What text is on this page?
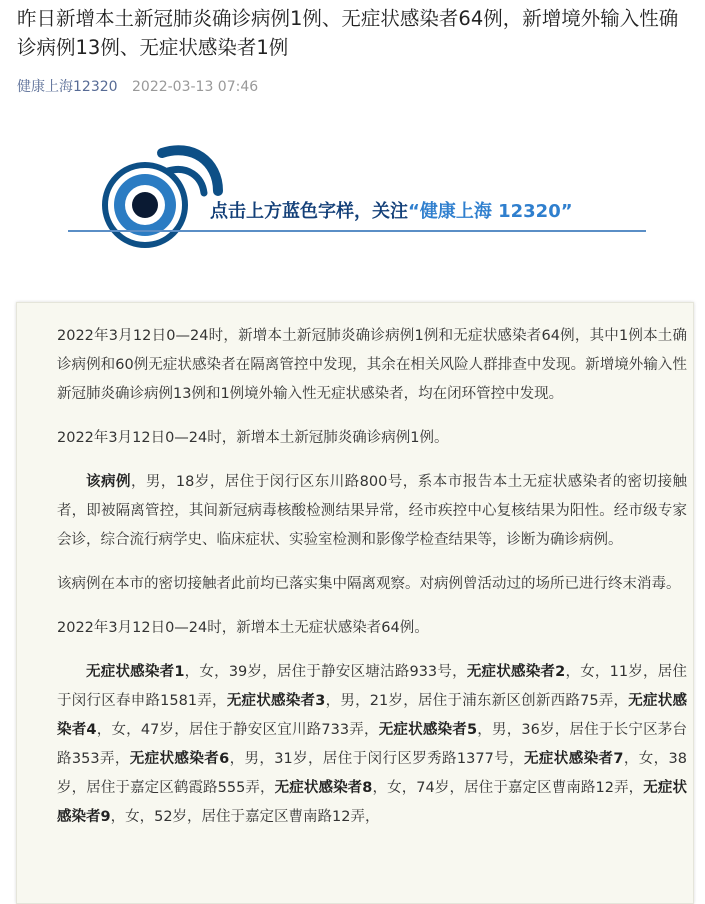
昨日新增本土新冠肺炎确诊病例1例、无症状感染者64例，新增境外输入性确诊病例13例、无症状感染者1例
健康上海12320 2022-03-13 07:46
点击上方蓝色字样，关注“健康上海 12320”

2022年3月12日0—24时，新增本土新冠肺炎确诊病例1例和无症状感染者64例，其中1例本土确诊病例和60例无症状感染者在隔离管控中发现，其余在相关风险人群排查中发现。新增境外输入性新冠肺炎确诊病例13例和1例境外输入性无症状感染者，均在闭环管控中发现。

2022年3月12日0—24时，新增本土新冠肺炎确诊病例1例。

该病例，男，18岁，居住于闵行区东川路800号，系本市报告本土无症状感染者的密切接触者，即被隔离管控，其间新冠病毒核酸检测结果异常，经市疾控中心复核结果为阳性。经市级专家会诊，综合流行病学史、临床症状、实验室检测和影像学检查结果等，诊断为确诊病例。

该病例在本市的密切接触者此前均已落实集中隔离观察。对病例曾活动过的场所已进行终末消毒。

2022年3月12日0—24时，新增本土无症状感染者64例。

无症状感染者1，女，39岁，居住于静安区塘沽路933号，无症状感染者2，女，11岁，居住于闵行区春申路1581弄，无症状感染者3，男，21岁，居住于浦东新区创新西路75弄，无症状感染者4，女，47岁，居住于静安区宜川路733弄，无症状感染者5，男，36岁，居住于长宁区茅台路353弄，无症状感染者6，男，31岁，居住于闵行区罗秀路1377号，无症状感染者7，女，38岁，居住于嘉定区鹤霞路555弄，无症状感染者8，女，74岁，居住于嘉定区曹南路12弄，无症状感染者9，女，52岁，居住于嘉定区曹南路12弄，
